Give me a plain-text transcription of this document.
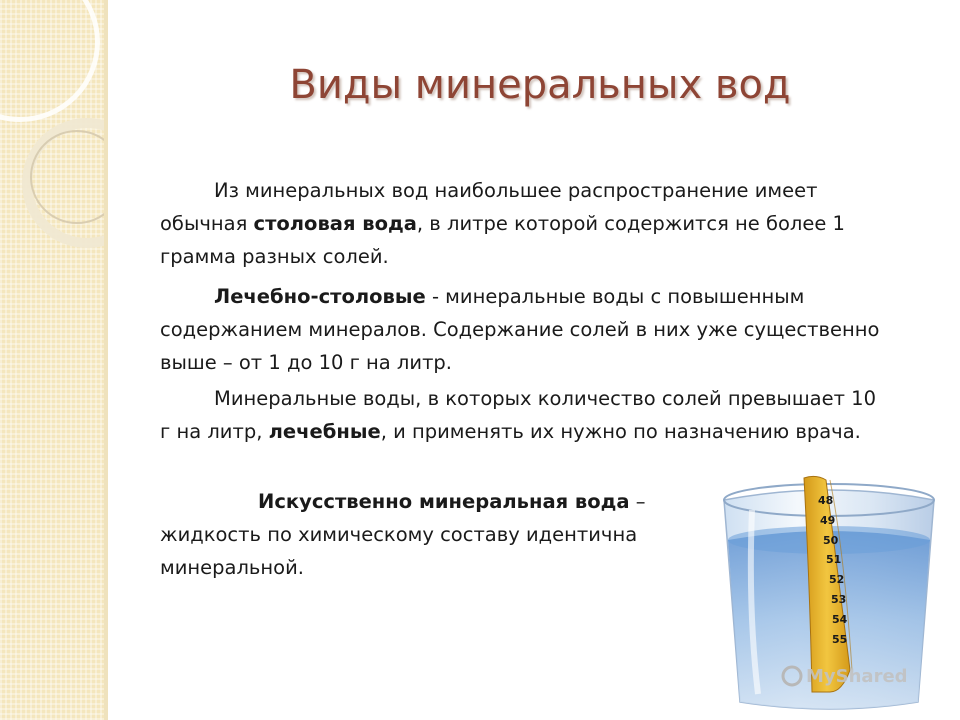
Виды минеральных вод

Из минеральных вод наибольшее распространение имеет обычная столовая вода, в литре которой содержится не более 1 грамма разных солей.

Лечебно-столовые - минеральные воды с повышенным содержанием минералов. Содержание солей в них уже существенно выше – от 1 до 10 г на литр.

Минеральные воды, в которых количество солей превышает 10 г на литр, лечебные, и применять их нужно по назначению врача.

Искусственно минеральная вода – жидкость по химическому составу идентична минеральной.

48
49
50
51
52
53
54
55
MyShared
